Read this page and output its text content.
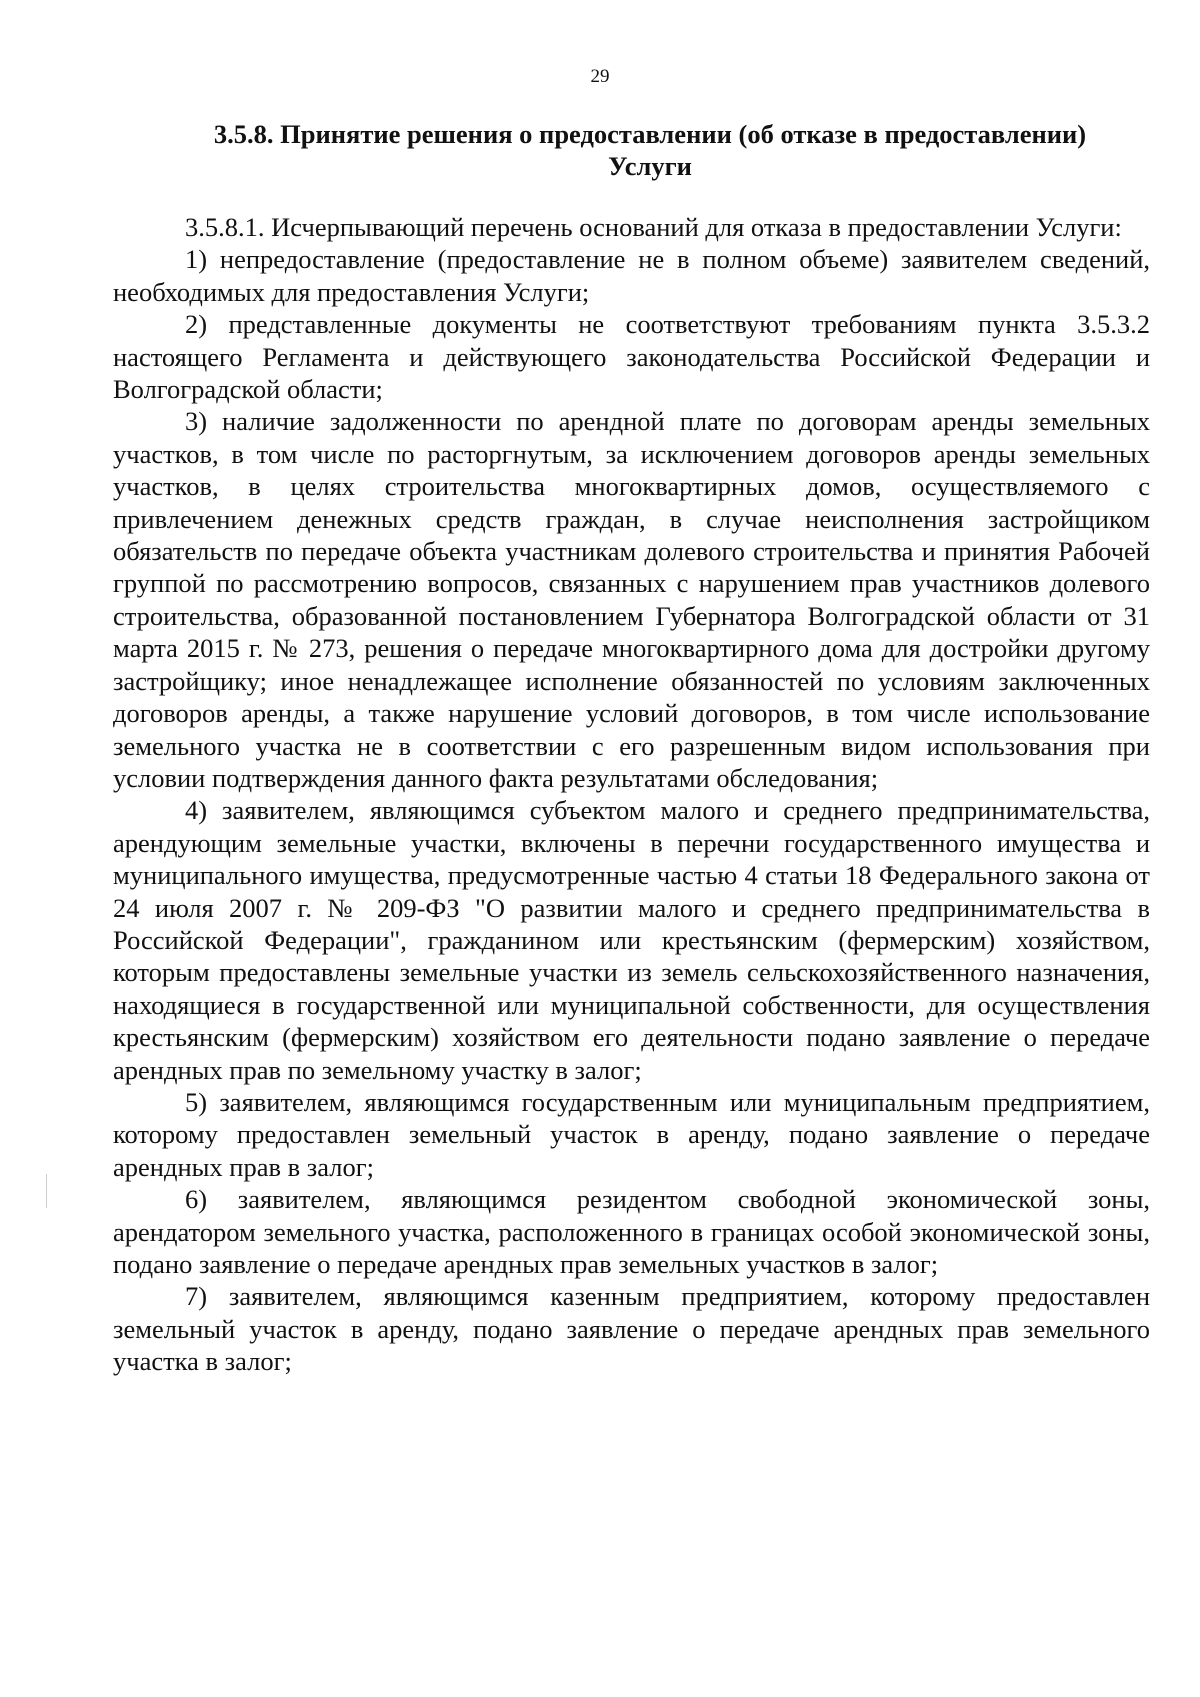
29
3.5.8. Принятие решения о предоставлении (об отказе в предоставлении)
Услуги

3.5.8.1. Исчерпывающий перечень оснований для отказа в предоставлении Услуги:

1) непредоставление (предоставление не в полном объеме) заявителем сведений, необходимых для предоставления Услуги;

2) представленные документы не соответствуют требованиям пункта 3.5.3.2 настоящего Регламента и действующего законодательства Российской Федерации и Волгоградской области;

3) наличие задолженности по арендной плате по договорам аренды земельных участков, в том числе по расторгнутым, за исключением договоров аренды земельных участков, в целях строительства многоквартирных домов, осуществляемого с привлечением денежных средств граждан, в случае неисполнения застройщиком обязательств по передаче объекта участникам долевого строительства и принятия Рабочей группой по рассмотрению вопросов, связанных с нарушением прав участников долевого строительства, образованной постановлением Губернатора Волгоградской области от 31 марта 2015 г. № 273, решения о передаче многоквартирного дома для достройки другому застройщику; иное ненадлежащее исполнение обязанностей по условиям заключенных договоров аренды, а также нарушение условий договоров, в том числе использование земельного участка не в соответствии с его разрешенным видом использования при условии подтверждения данного факта результатами обследования;

4) заявителем, являющимся субъектом малого и среднего предпринимательства, арендующим земельные участки, включены в перечни государственного имущества и муниципального имущества, предусмотренные частью 4 статьи 18 Федерального закона от 24 июля 2007 г. № 209-ФЗ "О развитии малого и среднего предпринимательства в Российской Федерации", гражданином или крестьянским (фермерским) хозяйством, которым предоставлены земельные участки из земель сельскохозяйственного назначения, находящиеся в государственной или муниципальной собственности, для осуществления крестьянским (фермерским) хозяйством его деятельности подано заявление о передаче арендных прав по земельному участку в залог;

5) заявителем, являющимся государственным или муниципальным предприятием, которому предоставлен земельный участок в аренду, подано заявление о передаче арендных прав в залог;

6) заявителем, являющимся резидентом свободной экономической зоны, арендатором земельного участка, расположенного в границах особой экономической зоны, подано заявление о передаче арендных прав земельных участков в залог;

7) заявителем, являющимся казенным предприятием, которому предоставлен земельный участок в аренду, подано заявление о передаче арендных прав земельного участка в залог;
